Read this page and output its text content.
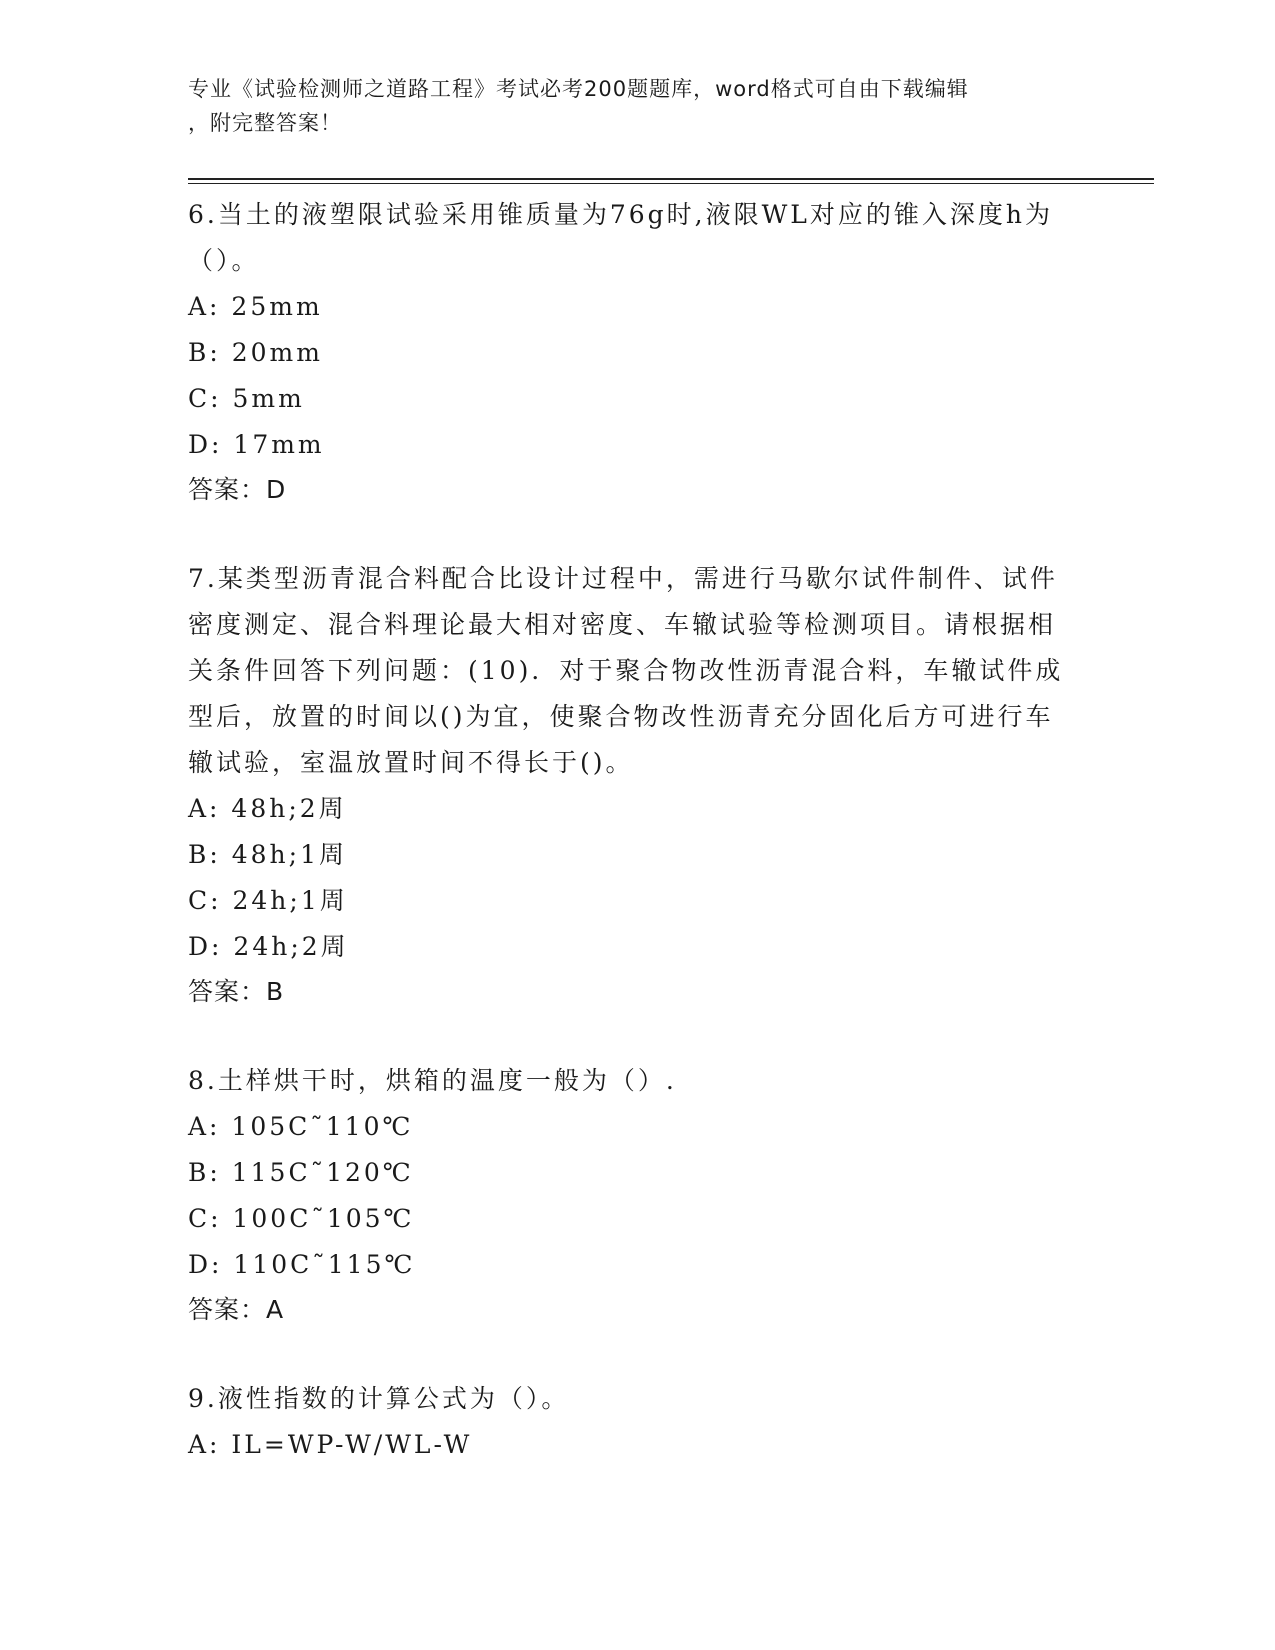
专业《试验检测师之道路工程》考试必考200题题库，word格式可自由下载编辑
，附完整答案！

6.当土的液塑限试验采用锥质量为76g时,液限WL对应的锥入深度h为（）。

A: 25mm

B: 20mm

C: 5mm

D: 17mm

答案：D

7.某类型沥青混合料配合比设计过程中，需进行马歇尔试件制件、试件密度测定、混合料理论最大相对密度、车辙试验等检测项目。请根据相关条件回答下列问题：(10)．对于聚合物改性沥青混合料，车辙试件成型后，放置的时间以()为宜，使聚合物改性沥青充分固化后方可进行车辙试验，室温放置时间不得长于()。

A: 48h;2周

B: 48h;1周

C: 24h;1周

D: 24h;2周

答案：B

8.土样烘干时，烘箱的温度一般为（）.

A: 105C˜110℃

B: 115C˜120℃

C: 100C˜105℃

D: 110C˜115℃

答案：A

9.液性指数的计算公式为（）。

A: IL=WP-W/WL-W
